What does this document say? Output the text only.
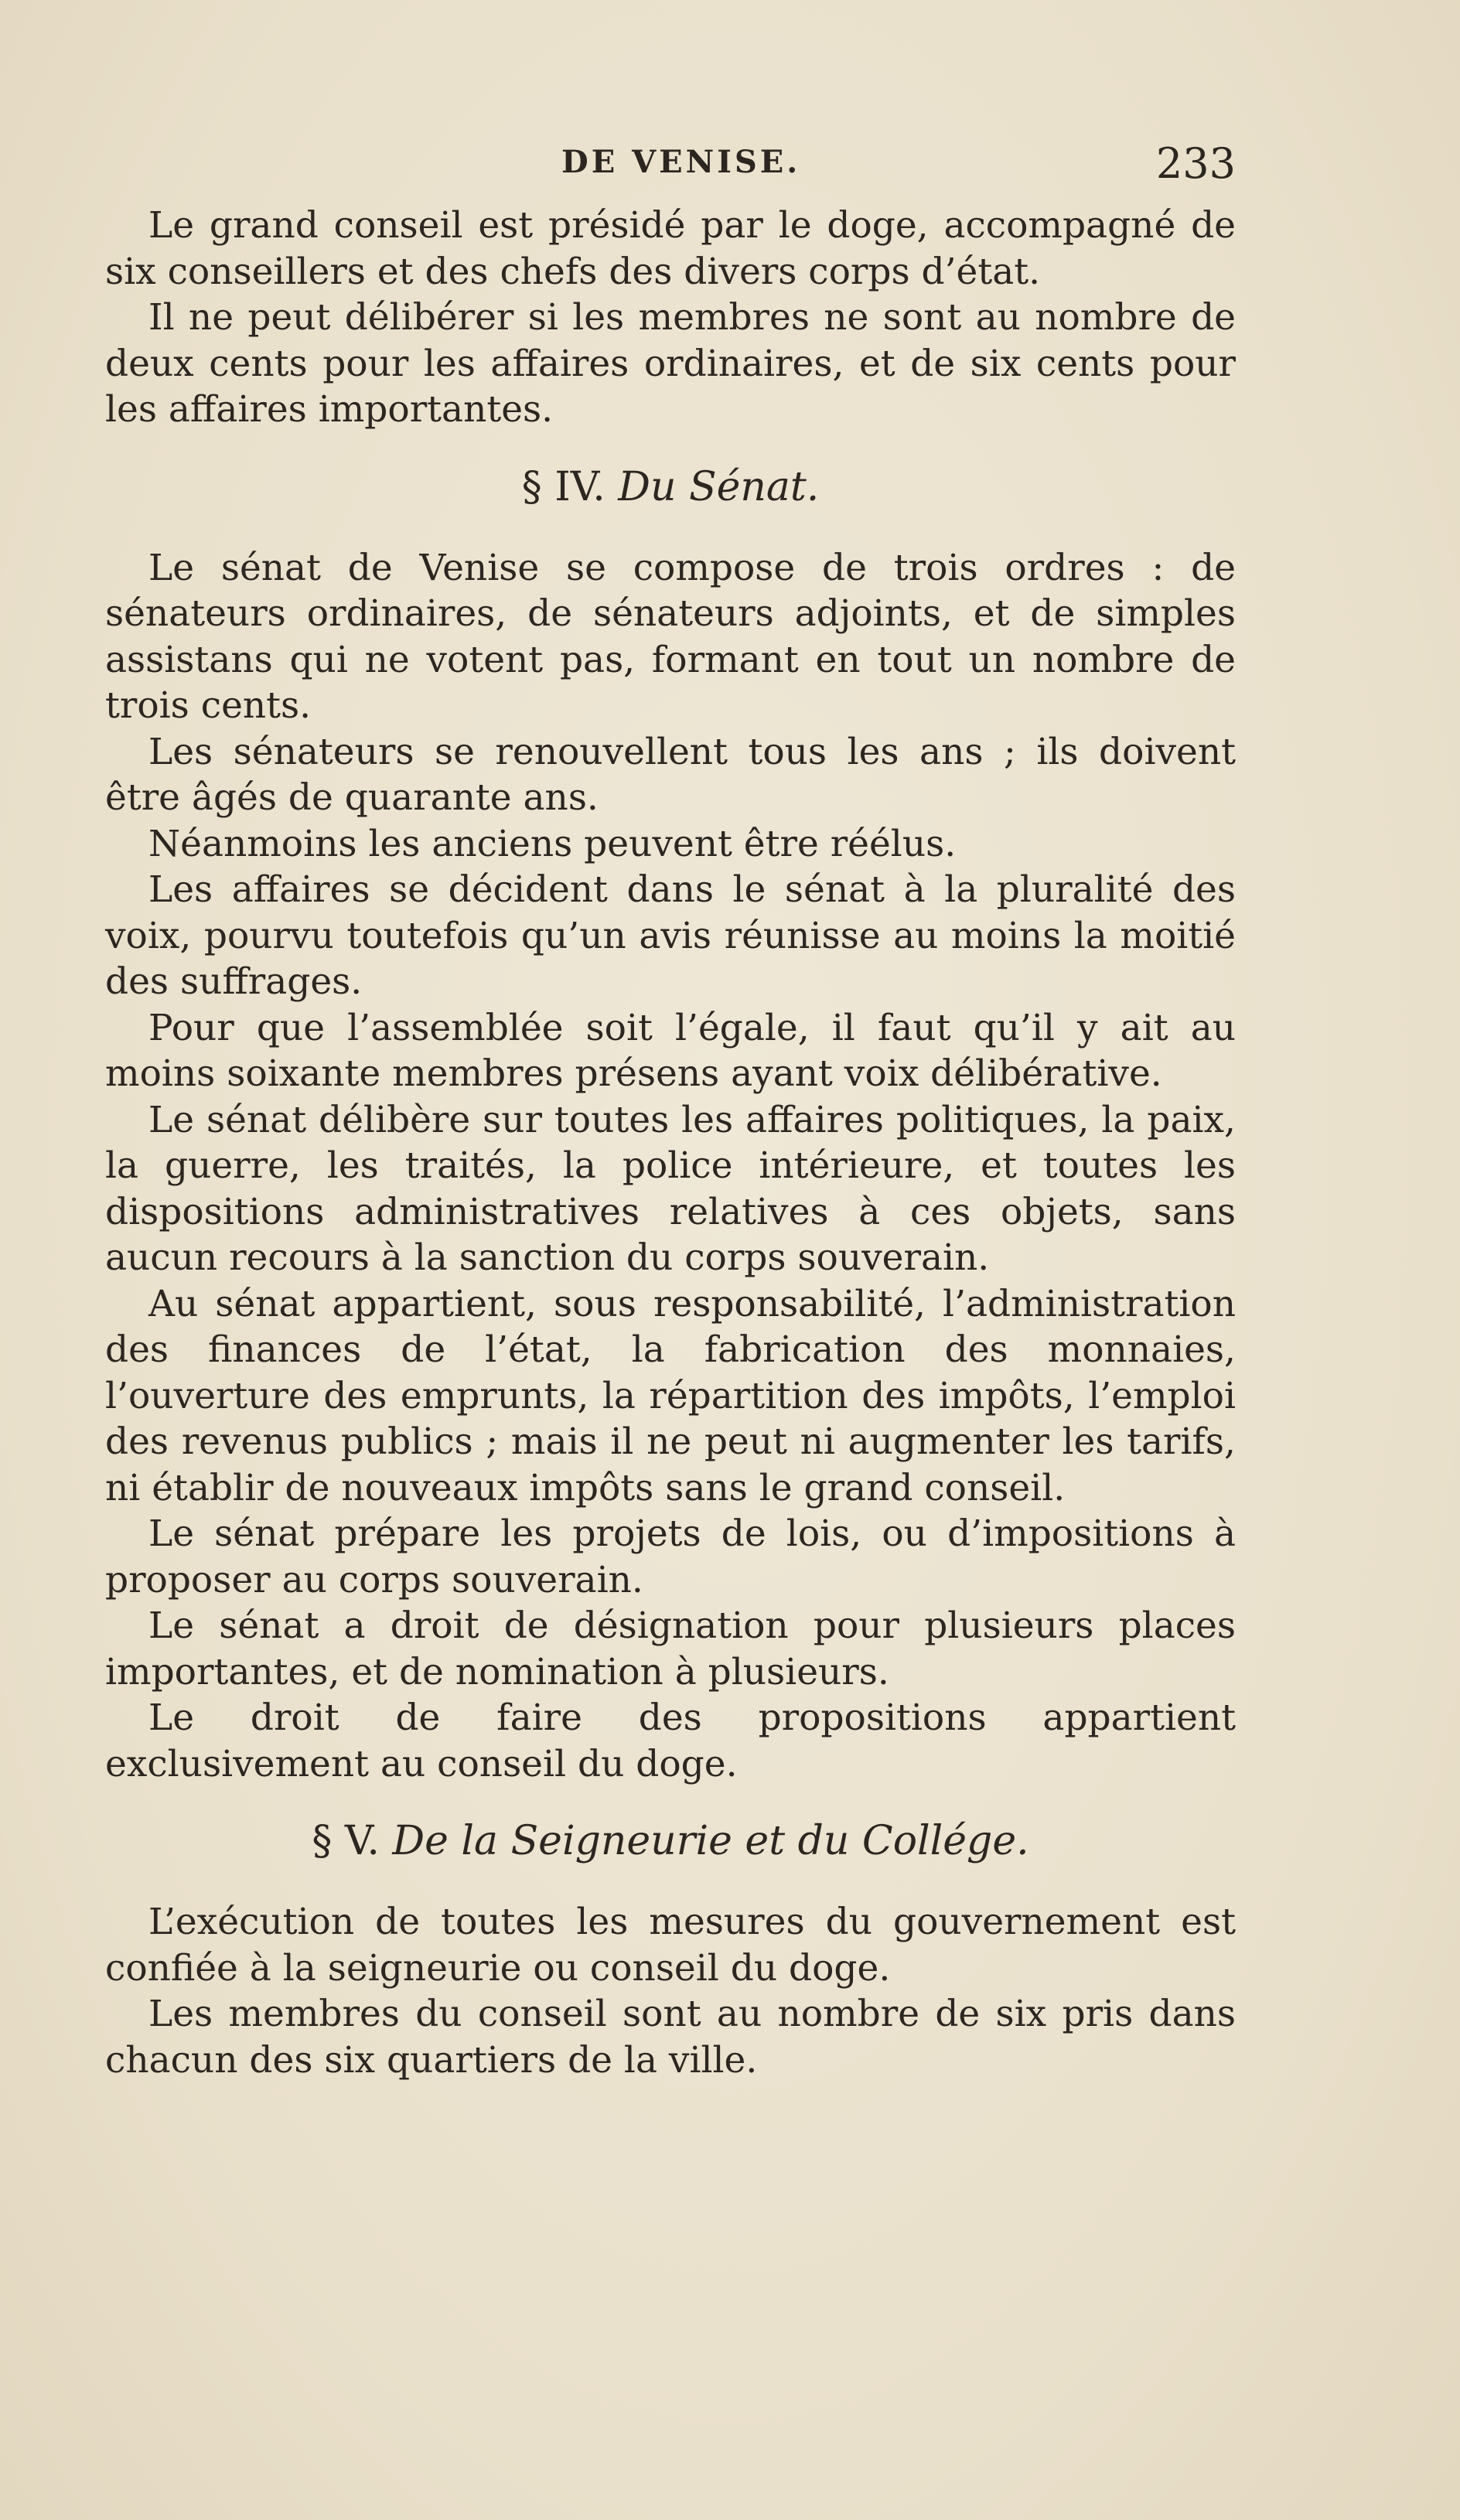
DE VENISE.	233

Le grand conseil est présidé par le doge, accompagné de six conseillers et des chefs des divers corps d’état.

Il ne peut délibérer si les membres ne sont au nombre de deux cents pour les affaires ordinaires, et de six cents pour les affaires importantes.

§ IV. Du Sénat.

Le sénat de Venise se compose de trois ordres : de sénateurs ordinaires, de sénateurs adjoints, et de simples assistans qui ne votent pas, formant en tout un nombre de trois cents.

Les sénateurs se renouvellent tous les ans ; ils doivent être âgés de quarante ans.

Néanmoins les anciens peuvent être réélus.

Les affaires se décident dans le sénat à la pluralité des voix, pourvu toutefois qu’un avis réunisse au moins la moitié des suffrages.

Pour que l’assemblée soit l’égale, il faut qu’il y ait au moins soixante membres présens ayant voix délibérative.

Le sénat délibère sur toutes les affaires politiques, la paix, la guerre, les traités, la police intérieure, et toutes les dispositions administratives relatives à ces objets, sans aucun recours à la sanction du corps souverain.

Au sénat appartient, sous responsabilité, l’administration des finances de l’état, la fabrication des monnaies, l’ouverture des emprunts, la répartition des impôts, l’emploi des revenus publics ; mais il ne peut ni augmenter les tarifs, ni établir de nouveaux impôts sans le grand conseil.

Le sénat prépare les projets de lois, ou d’impositions à proposer au corps souverain.

Le sénat a droit de désignation pour plusieurs places importantes, et de nomination à plusieurs.

Le droit de faire des propositions appartient exclusivement au conseil du doge.

§ V. De la Seigneurie et du Collége.

L’exécution de toutes les mesures du gouvernement est confiée à la seigneurie ou conseil du doge.

Les membres du conseil sont au nombre de six pris dans chacun des six quartiers de la ville.
